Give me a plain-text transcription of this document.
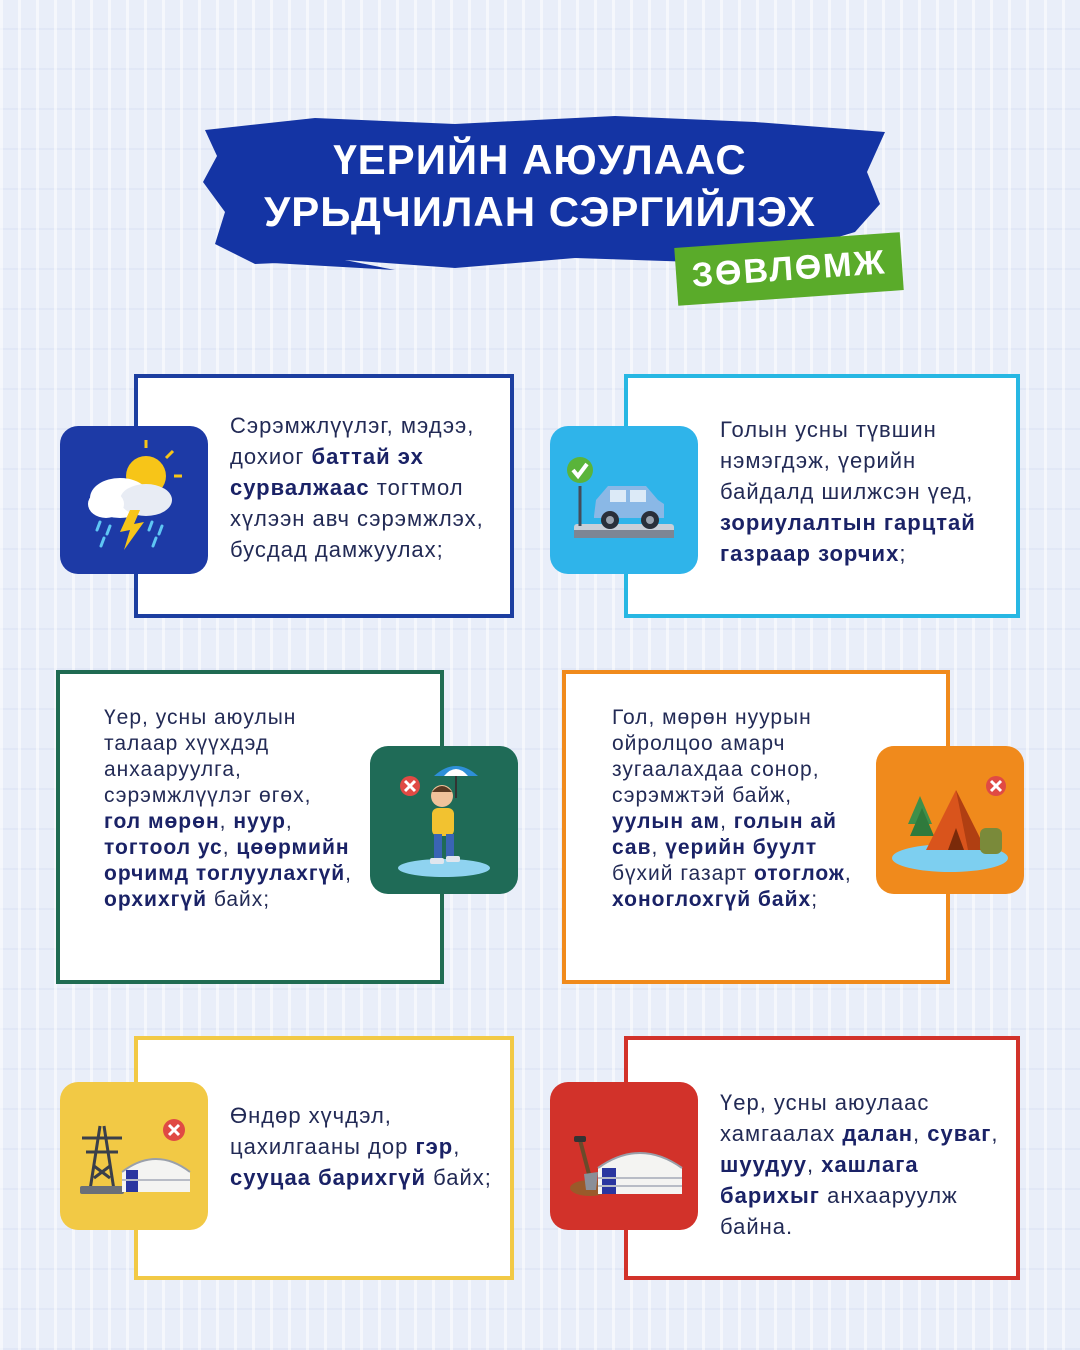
ҮЕРИЙН АЮУЛААС
УРЬДЧИЛАН СЭРГИЙЛЭХ
ЗӨВЛӨМЖ
Сэрэмжлүүлэг, мэдээ, дохиог баттай эх сурвалжаас тогтмол хүлээн авч сэрэмжлэх, бусдад дамжуулах;
Голын усны түвшин нэмэгдэж, үерийн байдалд шилжсэн үед, зориулалтын гарцтай газраар зорчих;
Үер, усны аюулын талаар хүүхдэд анхааруулга, сэрэмжлүүлэг өгөх, гол мөрөн, нуур, тогтоол ус, цөөрмийн орчимд тоглуулахгүй, орхихгүй байх;
Гол, мөрөн нуурын ойролцоо амарч зугаалахдаа сонор, сэрэмжтэй байж, уулын ам, голын ай сав, үерийн буулт бүхий газарт отоглож, хоноглохгүй байх;
Өндөр хүчдэл, цахилгааны дор гэр, сууцаа барихгүй байх;
Үер, усны аюулаас хамгаалах далан, суваг, шуудуу, хашлага барихыг анхааруулж байна.
